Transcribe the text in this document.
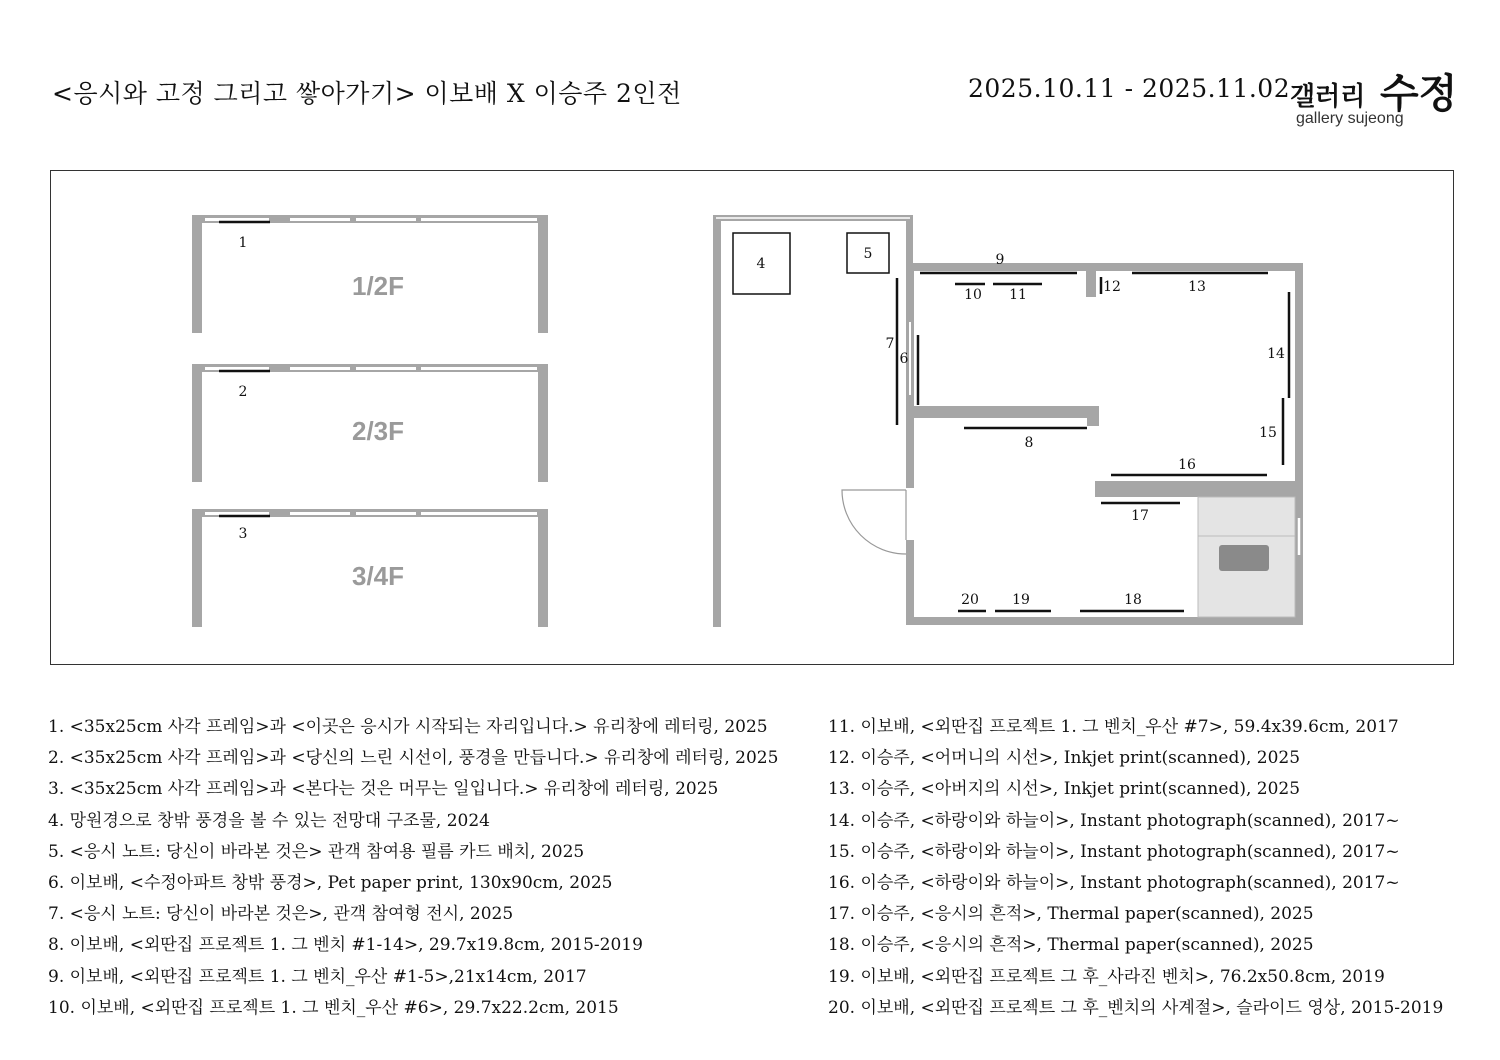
<응시와 고정 그리고 쌓아가기> 이보배 X 이승주 2인전	2025.10.11 - 2025.11.02 갤러리 수정
gallery sujeong
1/2F
2/3F
3/4F
1
2
3
4
5
6
7
8
9
10 11	12	13
14
15
16
17
18
19
20
1. <35x25cm 사각 프레임>과 <이곳은 응시가 시작되는 자리입니다.> 유리창에 레터링, 2025
2. <35x25cm 사각 프레임>과 <당신의 느린 시선이, 풍경을 만듭니다.> 유리창에 레터링, 2025
3. <35x25cm 사각 프레임>과 <본다는 것은 머무는 일입니다.> 유리창에 레터링, 2025
4. 망원경으로 창밖 풍경을 볼 수 있는 전망대 구조물, 2024
5. <응시 노트: 당신이 바라본 것은> 관객 참여용 필름 카드 배치, 2025
6. 이보배, <수정아파트 창밖 풍경>, Pet paper print, 130x90cm, 2025
7. <응시 노트: 당신이 바라본 것은>, 관객 참여형 전시, 2025
8. 이보배, <외딴집 프로젝트 1. 그 벤치 #1-14>, 29.7x19.8cm, 2015-2019
9. 이보배, <외딴집 프로젝트 1. 그 벤치_우산 #1-5>,21x14cm, 2017
10. 이보배, <외딴집 프로젝트 1. 그 벤치_우산 #6>, 29.7x22.2cm, 2015
11. 이보배, <외딴집 프로젝트 1. 그 벤치_우산 #7>, 59.4x39.6cm, 2017
12. 이승주, <어머니의 시선>, Inkjet print(scanned), 2025
13. 이승주, <아버지의 시선>, Inkjet print(scanned), 2025
14. 이승주, <하랑이와 하늘이>, Instant photograph(scanned), 2017~
15. 이승주, <하랑이와 하늘이>, Instant photograph(scanned), 2017~
16. 이승주, <하랑이와 하늘이>, Instant photograph(scanned), 2017~
17. 이승주, <응시의 흔적>, Thermal paper(scanned), 2025
18. 이승주, <응시의 흔적>, Thermal paper(scanned), 2025
19. 이보배, <외딴집 프로젝트 그 후_사라진 벤치>, 76.2x50.8cm, 2019
20. 이보배, <외딴집 프로젝트 그 후_벤치의 사계절>, 슬라이드 영상, 2015-2019
